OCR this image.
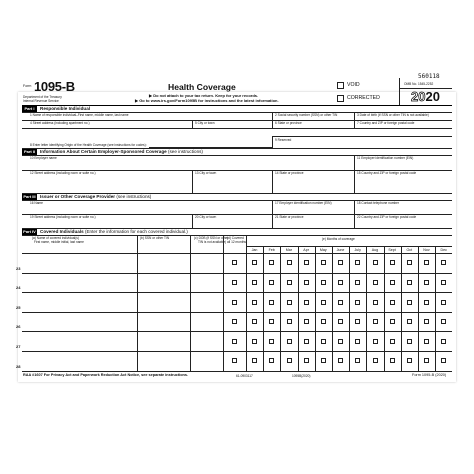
560118
Form 1095-B
Department of the Treasury
Internal Revenue Service
Health Coverage
▶ Do not attach to your tax return. Keep for your records.
▶ Go to www.irs.gov/Form1095B for instructions and the latest information.
VOID
CORRECTED
OMB No. 1545-2252
2020
Part I	Responsible Individual
1 Name of responsible individual–First name, middle name, last name	2 Social security number (SSN) or other TIN	3 Date of birth (if SSN or other TIN is not available)
4 Street address (including apartment no.)	5 City or town	6 State or province	7 Country and ZIP or foreign postal code
8 Enter letter identifying Origin of the Health Coverage (see instructions for codes):
9 Reserved
Part II	Information About Certain Employer-Sponsored Coverage (see instructions)
10 Employer name	11 Employer identification number (EIN)
12 Street address (including room or suite no.)	13 City or town	14 State or province	15 Country and ZIP or foreign postal code
Part III Issuer or Other Coverage Provider (see instructions)
16 Name	17 Employer identification number (EIN)	18 Contact telephone number
19 Street address (including room or suite no.)	20 City or town	21 State or province	22 Country and ZIP or foreign postal code
Part IV Covered Individuals (Enter the information for each covered individual.)
(a) Name of covered individual(s)
First name, middle initial, last name
(b) SSN or other TIN	(c) DOB (if SSN or other
TIN is not available)
(d) Covered
all 12 months
(e) Months of coverage
Jan	Feb	Mar	Apr	May	June	July	Aug	Sept	Oct	Nov	Dec
23
24
25
26
27
28
RAA #1607 For Privacy Act and Paperwork Reduction Act Notice, see separate instructions.	61-0903117	1095B(2020)	Form 1095-B (2020)
